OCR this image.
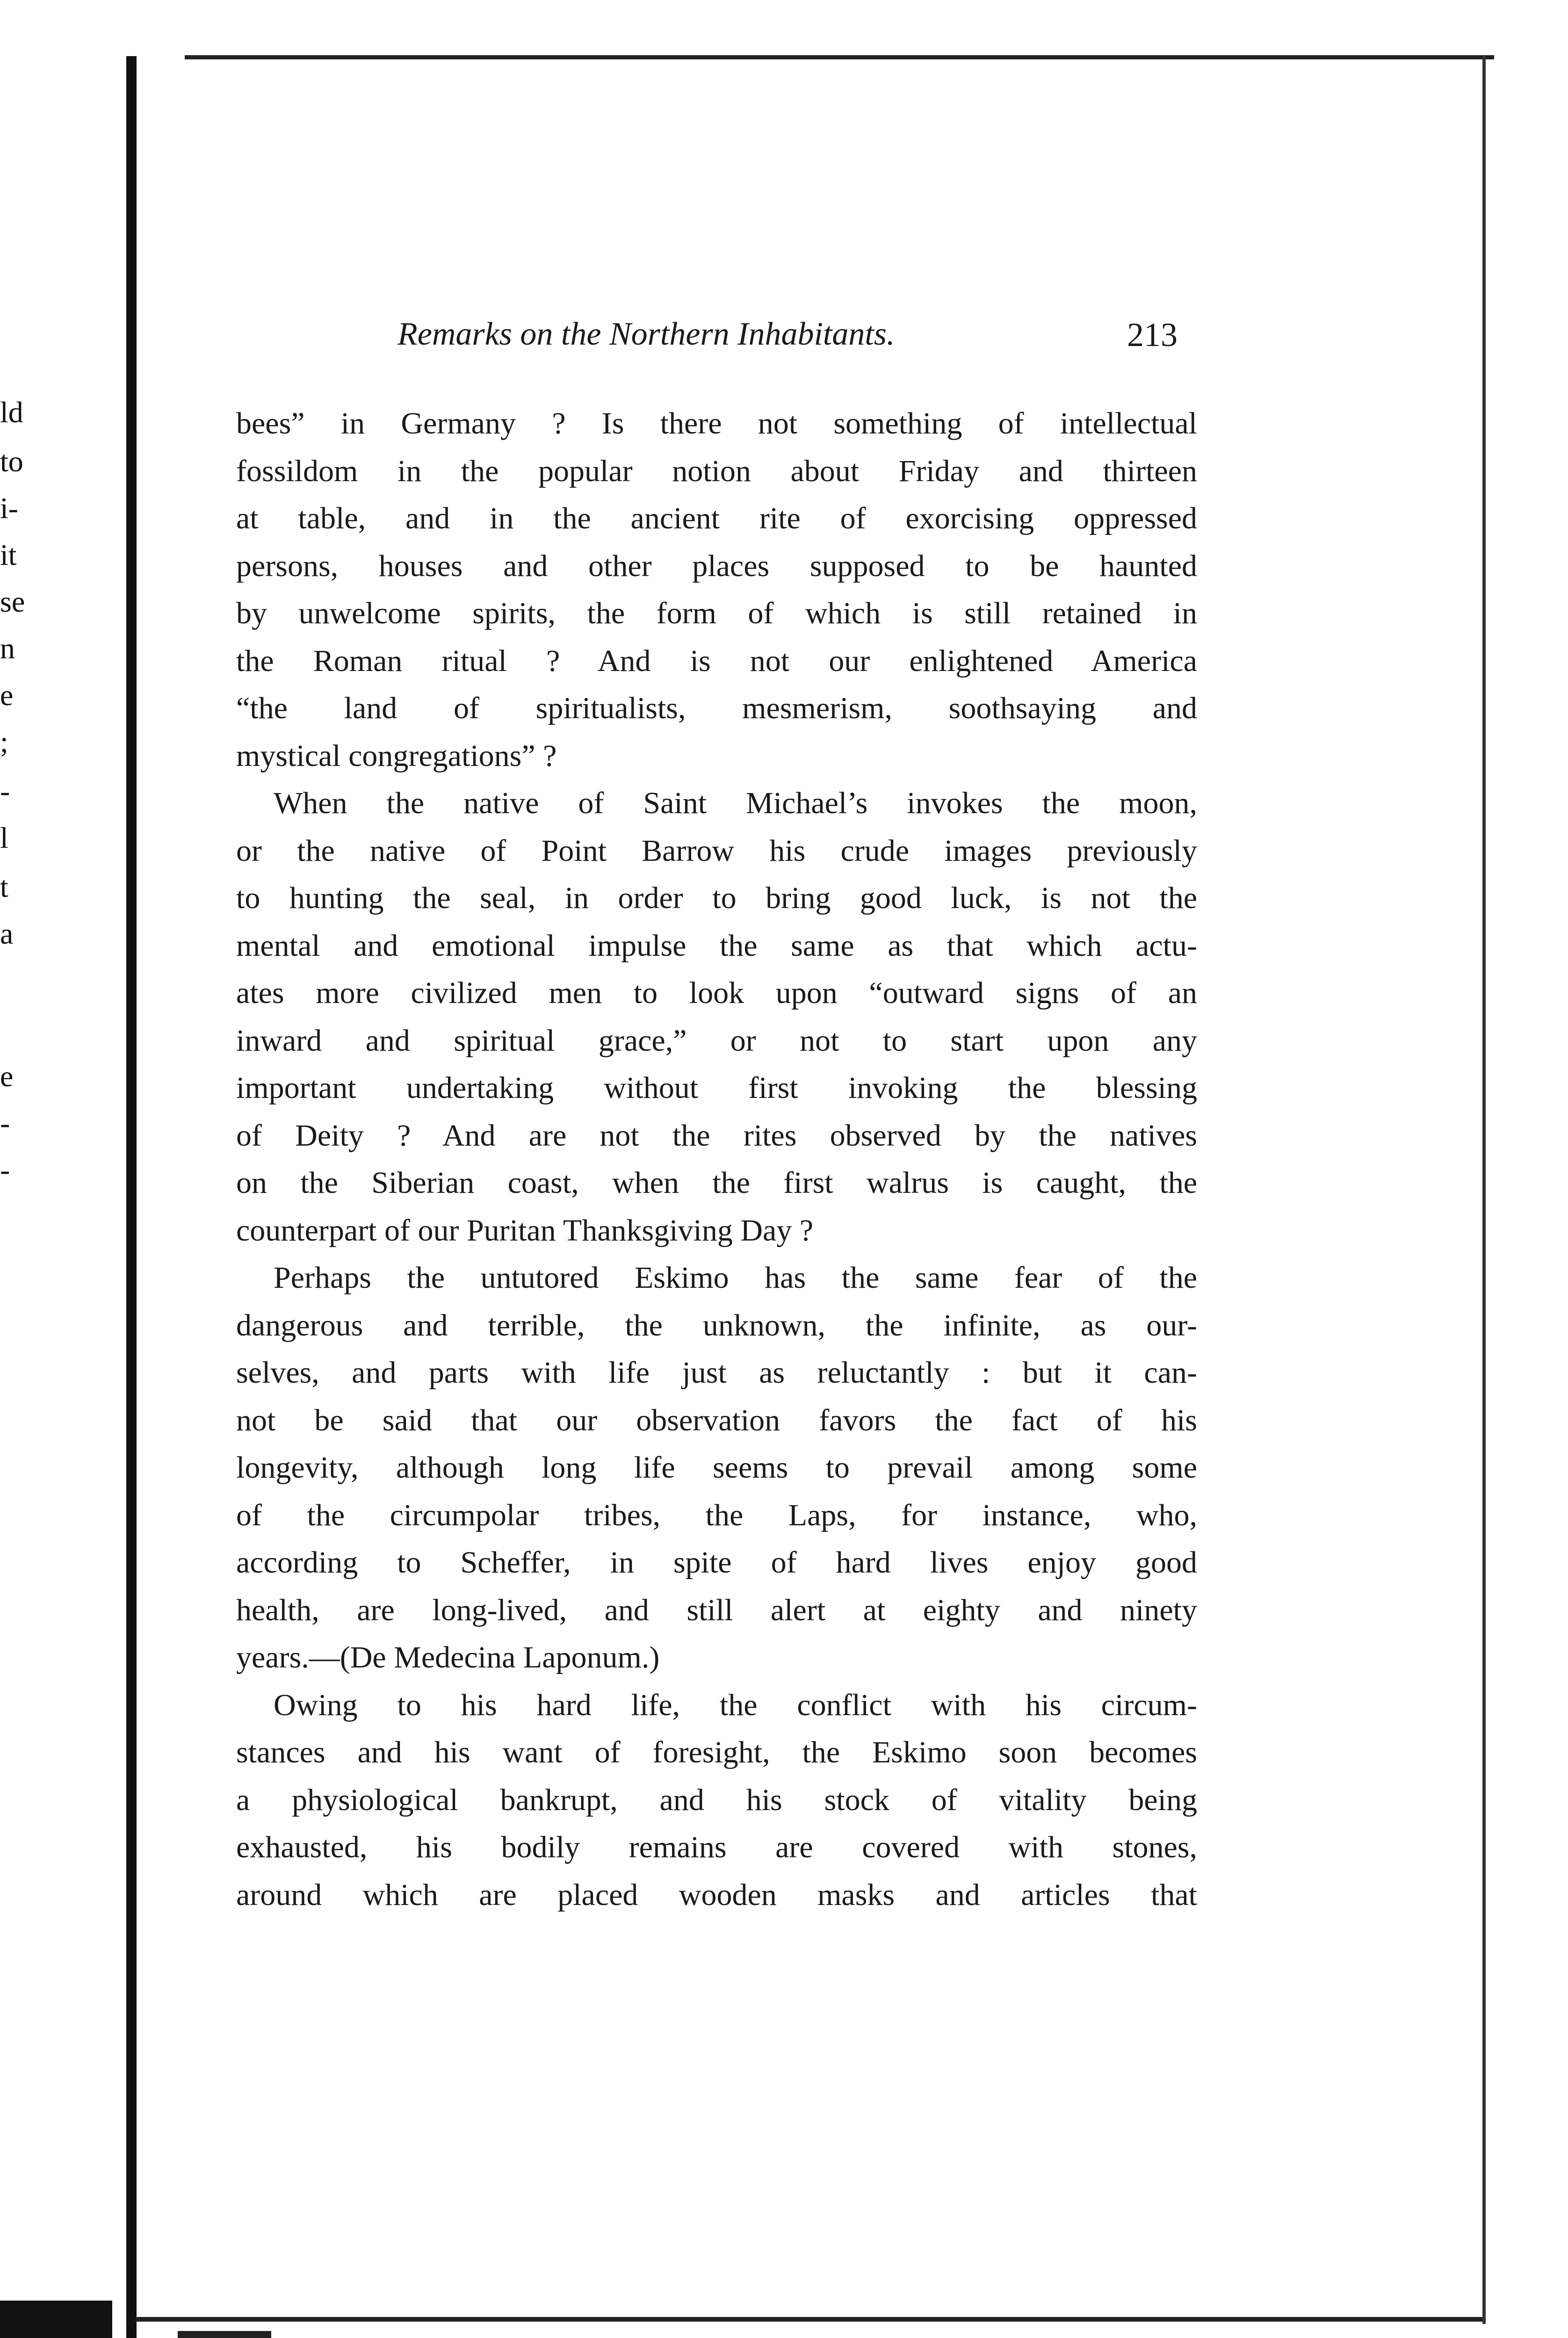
ld
to
i-
it
se
n
e
;
-
l
t
a
e
-
-
Remarks on the Northern Inhabitants.	213
bees” in Germany ? Is there not something of intellectual
fossildom in the popular notion about Friday and thirteen
at table, and in the ancient rite of exorcising oppressed
persons, houses and other places supposed to be haunted
by unwelcome spirits, the form of which is still retained in
the Roman ritual ? And is not our enlightened America
“the land of spiritualists, mesmerism, soothsaying and
mystical congregations” ?
When the native of Saint Michael’s invokes the moon,
or the native of Point Barrow his crude images previously
to hunting the seal, in order to bring good luck, is not the
mental and emotional impulse the same as that which actu-
ates more civilized men to look upon “outward signs of an
inward and spiritual grace,” or not to start upon any
important undertaking without first invoking the blessing
of Deity ? And are not the rites observed by the natives
on the Siberian coast, when the first walrus is caught, the
counterpart of our Puritan Thanksgiving Day ?
Perhaps the untutored Eskimo has the same fear of the
dangerous and terrible, the unknown, the infinite, as our-
selves, and parts with life just as reluctantly : but it can-
not be said that our observation favors the fact of his
longevity, although long life seems to prevail among some
of the circumpolar tribes, the Laps, for instance, who,
according to Scheffer, in spite of hard lives enjoy good
health, are long-lived, and still alert at eighty and ninety
years.—(De Medecina Laponum.)
Owing to his hard life, the conflict with his circum-
stances and his want of foresight, the Eskimo soon becomes
a physiological bankrupt, and his stock of vitality being
exhausted, his bodily remains are covered with stones,
around which are placed wooden masks and articles that
